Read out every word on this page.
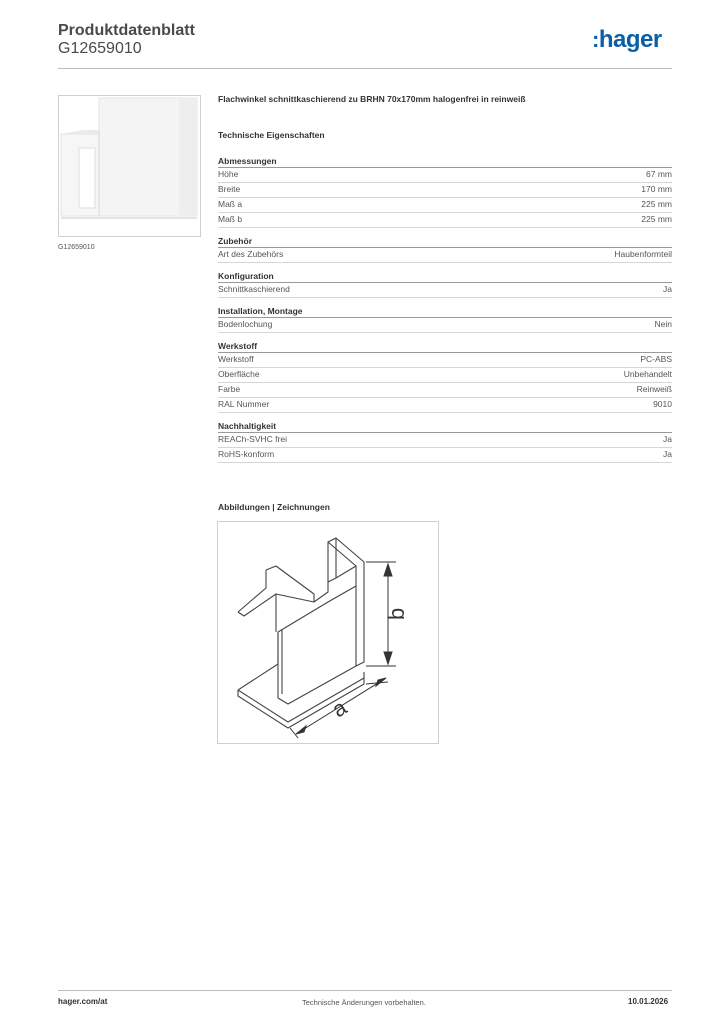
Produktdatenblatt
G12659010	:hager
G12659010
Flachwinkel schnittkaschierend zu BRHN 70x170mm halogenfrei in reinweiß
Technische Eigenschaften
Abmessungen
Höhe	67 mm
Breite	170 mm
Maß a	225 mm
Maß b	225 mm
Zubehör
Art des Zubehörs	Haubenformteil
Konfiguration
Schnittkaschierend	Ja
Installation, Montage
Bodenlochung	Nein
Werkstoff
Werkstoff	PC-ABS
Oberfläche	Unbehandelt
Farbe	Reinweiß
RAL Nummer	9010
Nachhaltigkeit
REACh-SVHC frei	Ja
RoHS-konform	Ja
Abbildungen | Zeichnungen
a
b
hager.com/at	Technische Änderungen vorbehalten.	10.01.2026
